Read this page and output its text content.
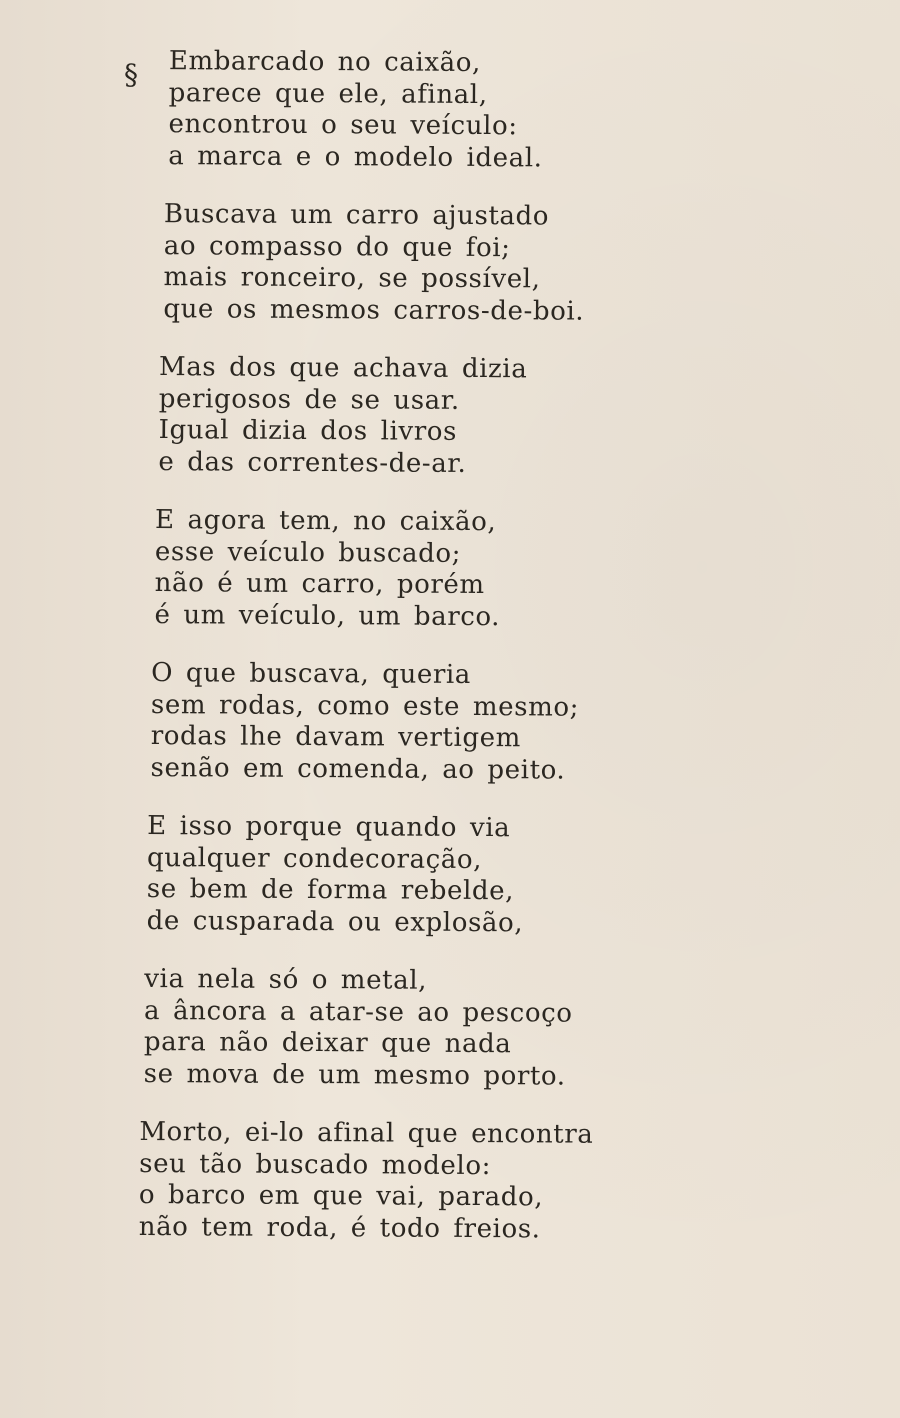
§ Embarcado no caixão,
parece que ele, afinal,
encontrou o seu veículo:
a marca e o modelo ideal.
Buscava um carro ajustado
ao compasso do que foi;
mais ronceiro, se possível,
que os mesmos carros-de-boi.
Mas dos que achava dizia
perigosos de se usar.
Igual dizia dos livros
e das correntes-de-ar.
E agora tem, no caixão,
esse veículo buscado;
não é um carro, porém
é um veículo, um barco.
O que buscava, queria
sem rodas, como este mesmo;
rodas lhe davam vertigem
senão em comenda, ao peito.
E isso porque quando via
qualquer condecoração,
se bem de forma rebelde,
de cusparada ou explosão,
via nela só o metal,
a âncora a atar-se ao pescoço
para não deixar que nada
se mova de um mesmo porto.
Morto, ei-lo afinal que encontra
seu tão buscado modelo:
o barco em que vai, parado,
não tem roda, é todo freios.
